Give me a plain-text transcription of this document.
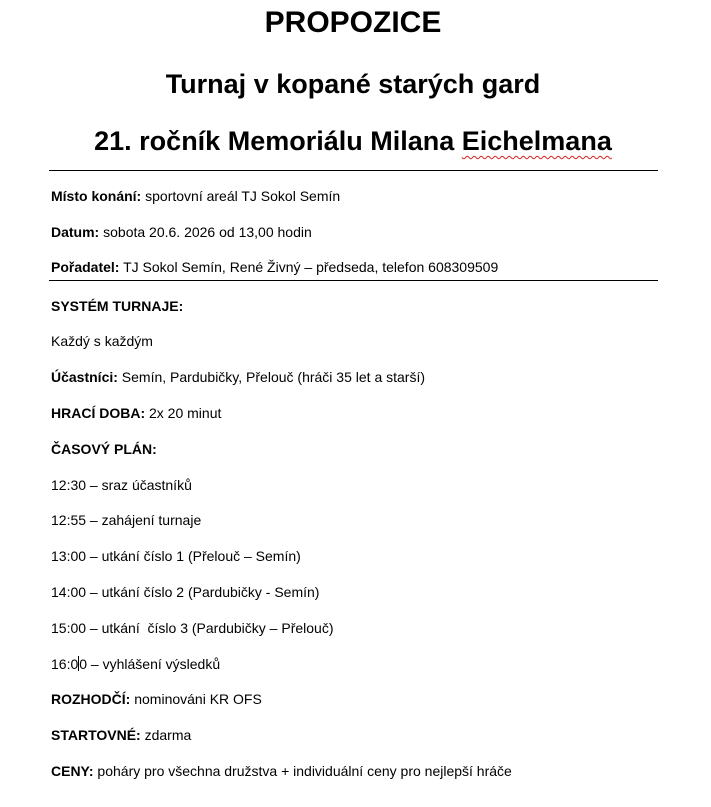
PROPOZICE
Turnaj v kopané starých gard
21. ročník Memoriálu Milana Eichelmana
Místo konání: sportovní areál TJ Sokol Semín
Datum: sobota 20.6. 2026 od 13,00 hodin
Pořadatel: TJ Sokol Semín, René Živný – předseda, telefon 608309509
SYSTÉM TURNAJE:
Každý s každým
Účastníci: Semín, Pardubičky, Přelouč (hráči 35 let a starší)
HRACÍ DOBA: 2x 20 minut
ČASOVÝ PLÁN:
12:30 – sraz účastníků
12:55 – zahájení turnaje
13:00 – utkání číslo 1 (Přelouč – Semín)
14:00 – utkání číslo 2 (Pardubičky - Semín)
15:00 – utkání  číslo 3 (Pardubičky – Přelouč)
16:00 – vyhlášení výsledků
ROZHODČÍ: nominováni KR OFS
STARTOVNÉ: zdarma
CENY: poháry pro všechna družstva + individuální ceny pro nejlepší hráče
